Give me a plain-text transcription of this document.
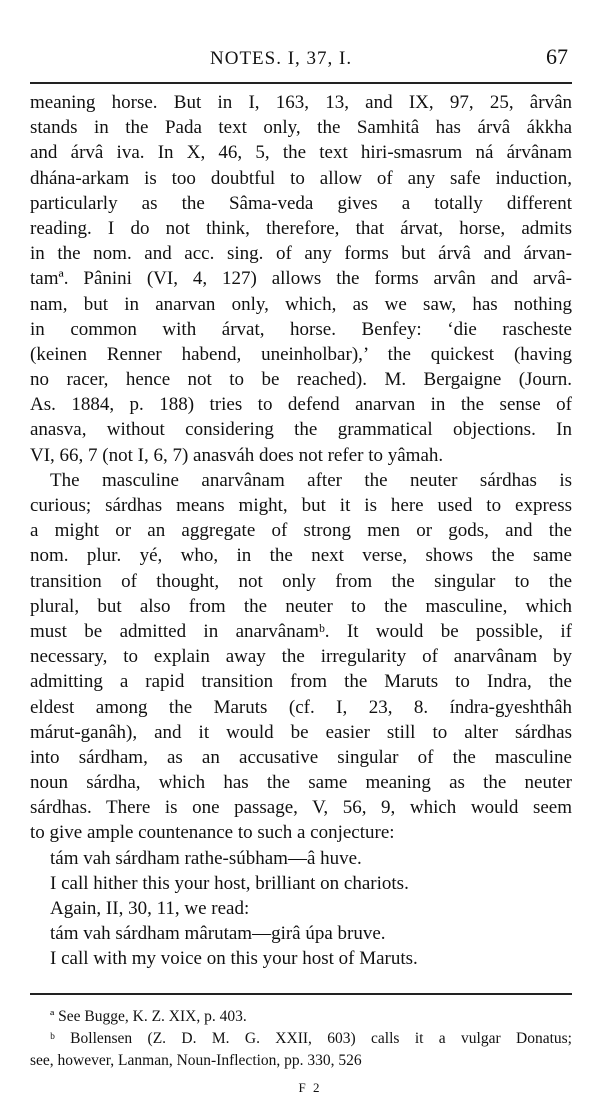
NOTES. I, 37, I.	67
meaning horse. But in I, 163, 13, and IX, 97, 25, ârvân
stands in the Pada text only, the Samhitâ has árvâ ákkha
and árvâ iva. In X, 46, 5, the text hiri-smasrum ná árvânam
dhána-arkam is too doubtful to allow of any safe induction,
particularly as the Sâma-veda gives a totally different
reading. I do not think, therefore, that árvat, horse, admits
in the nom. and acc. sing. of any forms but árvâ and árvan-
tamª. Pânini (VI, 4, 127) allows the forms arvân and arvâ-
nam, but in anarvan only, which, as we saw, has nothing
in common with árvat, horse. Benfey: ‘die rascheste
(keinen Renner habend, uneinholbar),’ the quickest (having
no racer, hence not to be reached). M. Bergaigne (Journ.
As. 1884, p. 188) tries to defend anarvan in the sense of
anasva, without considering the grammatical objections. In
VI, 66, 7 (not I, 6, 7) anasváh does not refer to yâmah.
The masculine anarvânam after the neuter sárdhas is
curious; sárdhas means might, but it is here used to express
a might or an aggregate of strong men or gods, and the
nom. plur. yé, who, in the next verse, shows the same
transition of thought, not only from the singular to the
plural, but also from the neuter to the masculine, which
must be admitted in anarvânamᵇ. It would be possible, if
necessary, to explain away the irregularity of anarvânam by
admitting a rapid transition from the Maruts to Indra, the
eldest among the Maruts (cf. I, 23, 8. índra-gyeshthâh
márut-ganâh), and it would be easier still to alter sárdhas
into sárdham, as an accusative singular of the masculine
noun sárdha, which has the same meaning as the neuter
sárdhas. There is one passage, V, 56, 9, which would seem
to give ample countenance to such a conjecture:
tám vah sárdham rathe-súbham—â huve.
I call hither this your host, brilliant on chariots.
Again, II, 30, 11, we read:
tám vah sárdham mârutam—girâ úpa bruve.
I call with my voice on this your host of Maruts.
ª See Bugge, K. Z. XIX, p. 403.
ᵇ Bollensen (Z. D. M. G. XXII, 603) calls it a vulgar Donatus;
see, however, Lanman, Noun-Inflection, pp. 330, 526
F 2
